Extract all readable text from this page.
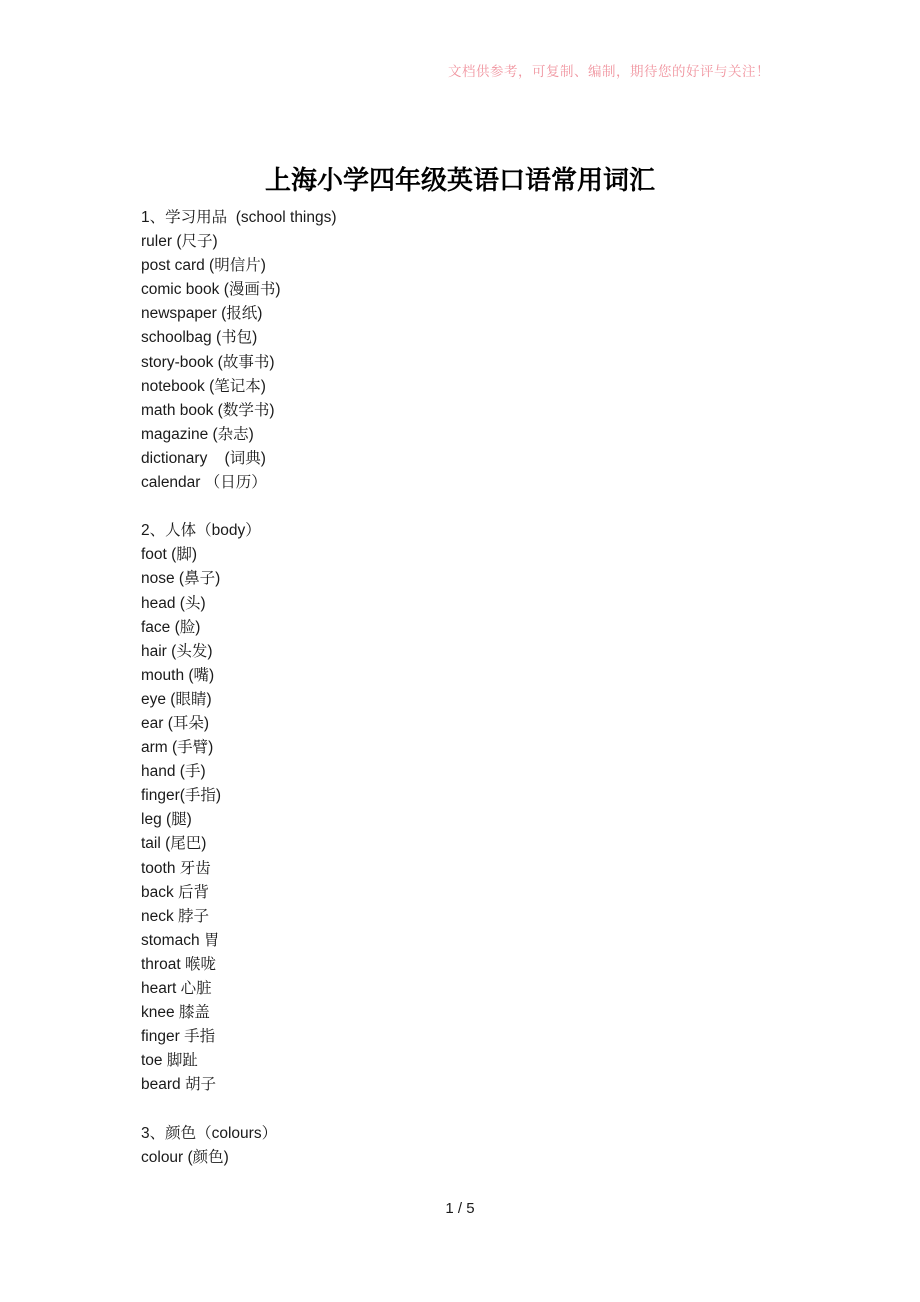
文档供参考，可复制、编制，期待您的好评与关注！
上海小学四年级英语口语常用词汇
1、学习用品  (school things)
ruler (尺子)
post card (明信片)
comic book (漫画书)
newspaper (报纸)
schoolbag (书包)
story-book (故事书)
notebook (笔记本)
math book (数学书)
magazine (杂志)
dictionary    (词典)
calendar （日历）
2、人体（body）
foot (脚)
nose (鼻子)
head (头)
face (脸)
hair (头发)
mouth (嘴)
eye (眼睛)
ear (耳朵)
arm (手臂)
hand (手)
finger(手指)
leg (腿)
tail (尾巴)
tooth 牙齿
back 后背
neck 脖子
stomach 胃
throat 喉咙
heart 心脏
knee 膝盖
finger 手指
toe 脚趾
beard 胡子
3、颜色（colours）
colour (颜色)
1 / 5
